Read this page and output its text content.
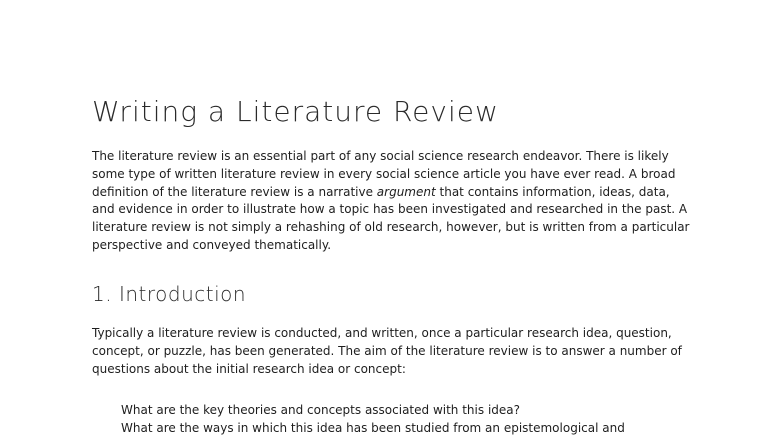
Writing a Literature Review

The literature review is an essential part of any social science research endeavor. There is likely
some type of written literature review in every social science article you have ever read. A broad
definition of the literature review is a narrative argument that contains information, ideas, data,
and evidence in order to illustrate how a topic has been investigated and researched in the past. A
literature review is not simply a rehashing of old research, however, but is written from a particular
perspective and conveyed thematically.

1. Introduction

Typically a literature review is conducted, and written, once a particular research idea, question,
concept, or puzzle, has been generated. The aim of the literature review is to answer a number of
questions about the initial research idea or concept:

What are the key theories and concepts associated with this idea?
What are the ways in which this idea has been studied from an epistemological and
